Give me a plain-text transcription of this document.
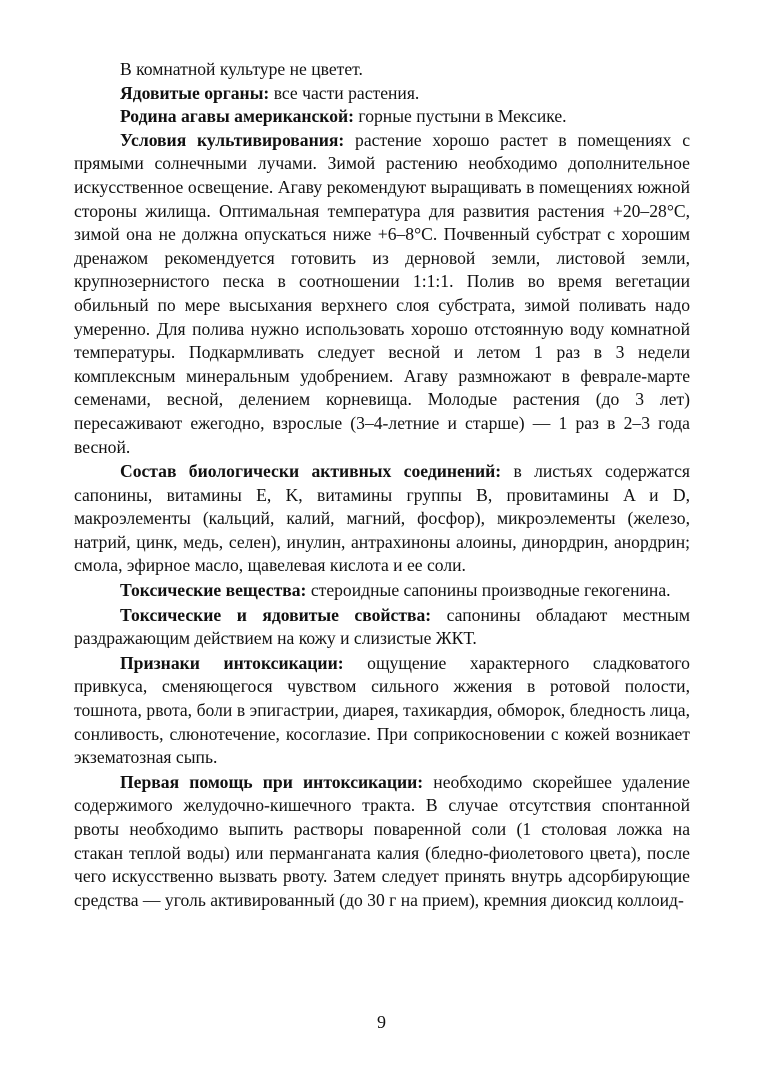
В комнатной культуре не цветет.

Ядовитые органы: все части растения.

Родина агавы американской: горные пустыни в Мексике.

Условия культивирования: растение хорошо растет в помещениях с прямыми солнечными лучами. Зимой растению необходимо дополнительное искусственное освещение. Агаву рекомендуют выращивать в помещениях южной стороны жилища. Оптимальная температура для развития растения +20–28°С, зимой она не должна опускаться ниже +6–8°С. Почвенный субстрат с хорошим дренажом рекомендуется готовить из дерновой земли, листовой земли, крупнозернистого песка в соотношении 1:1:1. Полив во время вегетации обильный по мере высыхания верхнего слоя субстрата, зимой поливать надо умеренно. Для полива нужно использовать хорошо отстоянную воду комнатной температуры. Подкармливать следует весной и летом 1 раз в 3 недели комплексным минеральным удобрением. Агаву размножают в феврале-марте семенами, весной, делением корневища. Молодые растения (до 3 лет) пересаживают ежегодно, взрослые (3–4-летние и старше) — 1 раз в 2–3 года весной.

Состав биологически активных соединений: в листьях содержатся сапонины, витамины E, K, витамины группы B, провитамины A и D, макроэлементы (кальций, калий, магний, фосфор), микроэлементы (железо, натрий, цинк, медь, селен), инулин, антрахиноны алоины, динордрин, анордрин; смола, эфирное масло, щавелевая кислота и ее соли.

Токсические вещества: стероидные сапонины производные гекогенина.

Токсические и ядовитые свойства: сапонины обладают местным раздражающим действием на кожу и слизистые ЖКТ.

Признаки интоксикации: ощущение характерного сладковатого привкуса, сменяющегося чувством сильного жжения в ротовой полости, тошнота, рвота, боли в эпигастрии, диарея, тахикардия, обморок, бледность лица, сонливость, слюнотечение, косоглазие. При соприкосновении с кожей возникает экзематозная сыпь.

Первая помощь при интоксикации: необходимо скорейшее удаление содержимого желудочно-кишечного тракта. В случае отсутствия спонтанной рвоты необходимо выпить растворы поваренной соли (1 столовая ложка на стакан теплой воды) или перманганата калия (бледно-фиолетового цвета), после чего искусственно вызвать рвоту. Затем следует принять внутрь адсорбирующие средства — уголь активированный (до 30 г на прием), кремния диоксид коллоид-

9
